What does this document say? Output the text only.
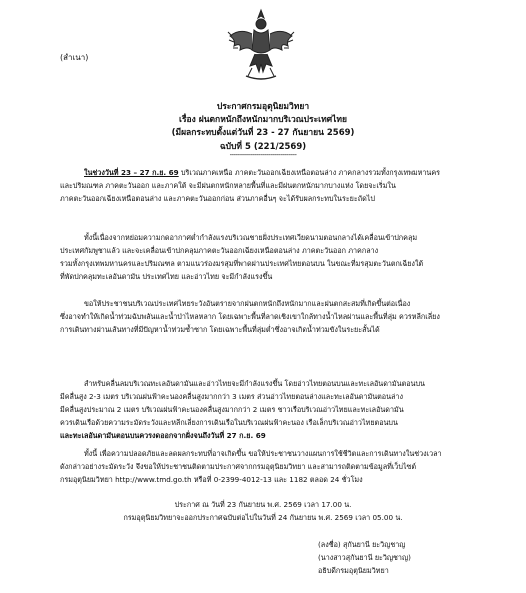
(สำเนา)
ประกาศกรมอุตุนิยมวิทยา
เรื่อง ฝนตกหนักถึงหนักมากบริเวณประเทศไทย
(มีผลกระทบตั้งแต่วันที่ 23 - 27 กันยายน 2569)
ฉบับที่ 5 (221/2569)
---------------------------------
ในช่วงวันที่ 23 – 27 ก.ย. 69 บริเวณภาคเหนือ ภาคตะวันออกเฉียงเหนือตอนล่าง ภาคกลางรวมทั้งกรุงเทพมหานคร
และปริมณฑล ภาคตะวันออก และภาคใต้ จะมีฝนตกหนักหลายพื้นที่และมีฝนตกหนักมากบางแห่ง โดยจะเริ่มใน
ภาคตะวันออกเฉียงเหนือตอนล่าง และภาคตะวันออกก่อน ส่วนภาคอื่นๆ จะได้รับผลกระทบในระยะถัดไป
ทั้งนี้เนื่องจากหย่อมความกดอากาศต่ำกำลังแรงบริเวณชายฝั่งประเทศเวียดนามตอนกลางได้เคลื่อนเข้าปกคลุม
ประเทศกัมพูชาแล้ว และจะเคลื่อนเข้าปกคลุมภาคตะวันออกเฉียงเหนือตอนล่าง ภาคตะวันออก ภาคกลาง
รวมทั้งกรุงเทพมหานครและปริมณฑล ตามแนวร่องมรสุมที่พาดผ่านประเทศไทยตอนบน ในขณะที่มรสุมตะวันตกเฉียงใต้
ที่พัดปกคลุมทะเลอันดามัน ประเทศไทย และอ่าวไทย จะมีกำลังแรงขึ้น
ขอให้ประชาชนบริเวณประเทศไทยระวังอันตรายจากฝนตกหนักถึงหนักมากและฝนตกสะสมที่เกิดขึ้นต่อเนื่อง
ซึ่งอาจทำให้เกิดน้ำท่วมฉับพลันและน้ำป่าไหลหลาก โดยเฉพาะพื้นที่ลาดเชิงเขาใกล้ทางน้ำไหลผ่านและพื้นที่ลุ่ม ควรหลีกเลี่ยง
การเดินทางผ่านเส้นทางที่มีปัญหาน้ำท่วมซ้ำซาก โดยเฉพาะพื้นที่ลุ่มต่ำซึ่งอาจเกิดน้ำท่วมขังในระยะสั้นได้
สำหรับคลื่นลมบริเวณทะเลอันดามันและอ่าวไทยจะมีกำลังแรงขึ้น โดยอ่าวไทยตอนบนและทะเลอันดามันตอนบน
มีคลื่นสูง 2-3 เมตร บริเวณฝนฟ้าคะนองคลื่นสูงมากกว่า 3 เมตร ส่วนอ่าวไทยตอนล่างและทะเลอันดามันตอนล่าง
มีคลื่นสูงประมาณ 2 เมตร บริเวณฝนฟ้าคะนองคลื่นสูงมากกว่า 2 เมตร ชาวเรือบริเวณอ่าวไทยและทะเลอันดามัน
ควรเดินเรือด้วยความระมัดระวังและหลีกเลี่ยงการเดินเรือในบริเวณฝนฟ้าคะนอง เรือเล็กบริเวณอ่าวไทยตอนบน
และทะเลอันดามันตอนบนควรงดออกจากฝั่งจนถึงวันที่ 27 ก.ย. 69
ทั้งนี้ เพื่อความปลอดภัยและลดผลกระทบที่อาจเกิดขึ้น ขอให้ประชาชนวางแผนการใช้ชีวิตและการเดินทางในช่วงเวลา
ดังกล่าวอย่างระมัดระวัง จึงขอให้ประชาชนติดตามประกาศจากกรมอุตุนิยมวิทยา และสามารถติดตามข้อมูลที่เว็บไซต์
กรมอุตุนิยมวิทยา http://www.tmd.go.th หรือที่ 0-2399-4012-13 และ 1182 ตลอด 24 ชั่วโมง
ประกาศ ณ วันที่ 23 กันยายน พ.ศ. 2569 เวลา 17.00 น.
กรมอุตุนิยมวิทยาจะออกประกาศฉบับต่อไปในวันที่ 24 กันยายน พ.ศ. 2569 เวลา 05.00 น.
(ลงชื่อ) สุกันยานี ยะวิญชาญ
(นางสาวสุกันยานี ยะวิญชาญ)
อธิบดีกรมอุตุนิยมวิทยา
